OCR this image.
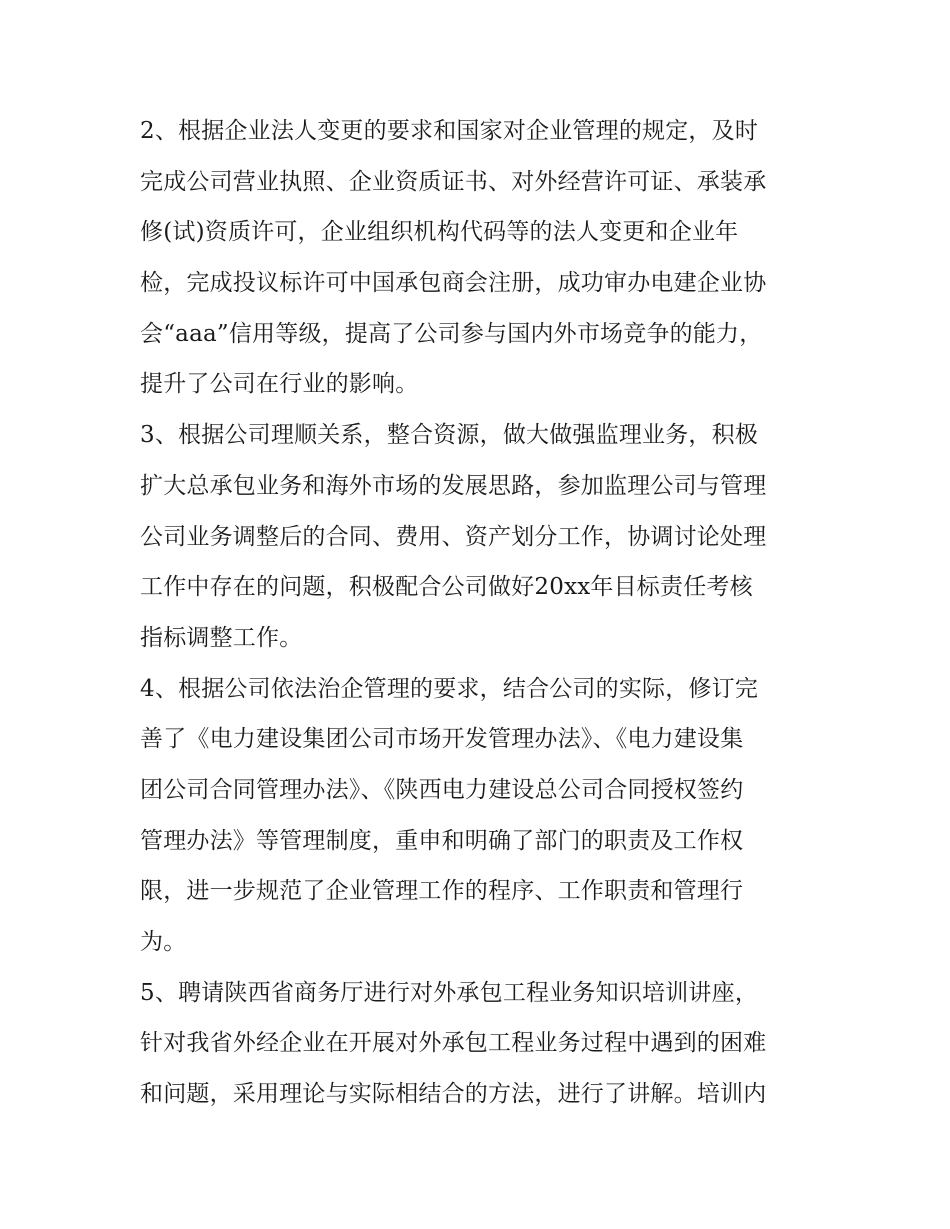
2、根据企业法人变更的要求和国家对企业管理的规定，及时
完成公司营业执照、企业资质证书、对外经营许可证、承装承
修(试)资质许可，企业组织机构代码等的法人变更和企业年
检，完成投议标许可中国承包商会注册，成功审办电建企业协
会“aaa”信用等级，提高了公司参与国内外市场竞争的能力，
提升了公司在行业的影响。
3、根据公司理顺关系，整合资源，做大做强监理业务，积极
扩大总承包业务和海外市场的发展思路，参加监理公司与管理
公司业务调整后的合同、费用、资产划分工作，协调讨论处理
工作中存在的问题，积极配合公司做好20xx年目标责任考核
指标调整工作。
4、根据公司依法治企管理的要求，结合公司的实际，修订完
善了《电力建设集团公司市场开发管理办法》、《电力建设集
团公司合同管理办法》、《陕西电力建设总公司合同授权签约
管理办法》等管理制度，重申和明确了部门的职责及工作权
限，进一步规范了企业管理工作的程序、工作职责和管理行
为。
5、聘请陕西省商务厅进行对外承包工程业务知识培训讲座，
针对我省外经企业在开展对外承包工程业务过程中遇到的困难
和问题，采用理论与实际相结合的方法，进行了讲解。培训内
